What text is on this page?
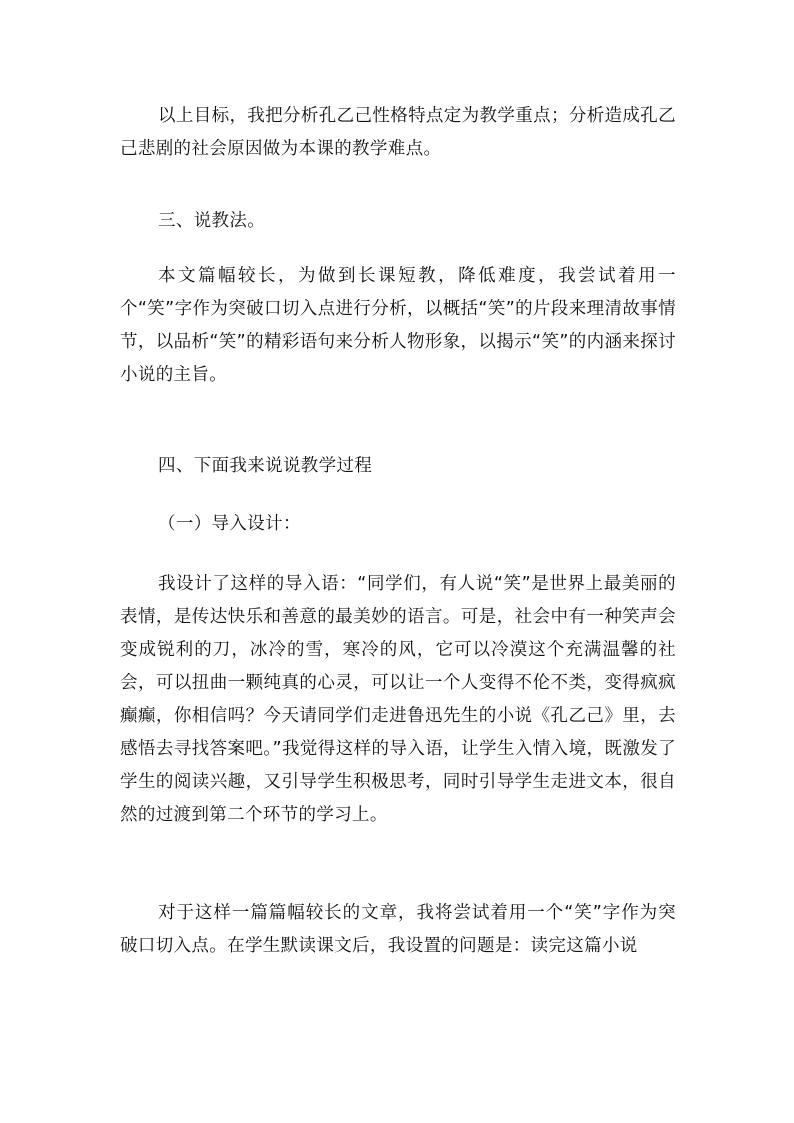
以上目标，我把分析孔乙己性格特点定为教学重点；分析造成孔乙己悲剧的社会原因做为本课的教学难点。

三、说教法。

本文篇幅较长，为做到长课短教，降低难度，我尝试着用一个“笑”字作为突破口切入点进行分析，以概括“笑”的片段来理清故事情节，以品析“笑”的精彩语句来分析人物形象，以揭示“笑”的内涵来探讨小说的主旨。

四、下面我来说说教学过程

（一）导入设计：

我设计了这样的导入语：“同学们，有人说“笑”是世界上最美丽的表情，是传达快乐和善意的最美妙的语言。可是，社会中有一种笑声会变成锐利的刀，冰冷的雪，寒冷的风，它可以冷漠这个充满温馨的社会，可以扭曲一颗纯真的心灵，可以让一个人变得不伦不类，变得疯疯癫癫，你相信吗？今天请同学们走进鲁迅先生的小说《孔乙己》里，去感悟去寻找答案吧。”我觉得这样的导入语，让学生入情入境，既激发了学生的阅读兴趣，又引导学生积极思考，同时引导学生走进文本，很自然的过渡到第二个环节的学习上。

对于这样一篇篇幅较长的文章，我将尝试着用一个“笑”字作为突破口切入点。在学生默读课文后，我设置的问题是：读完这篇小说
